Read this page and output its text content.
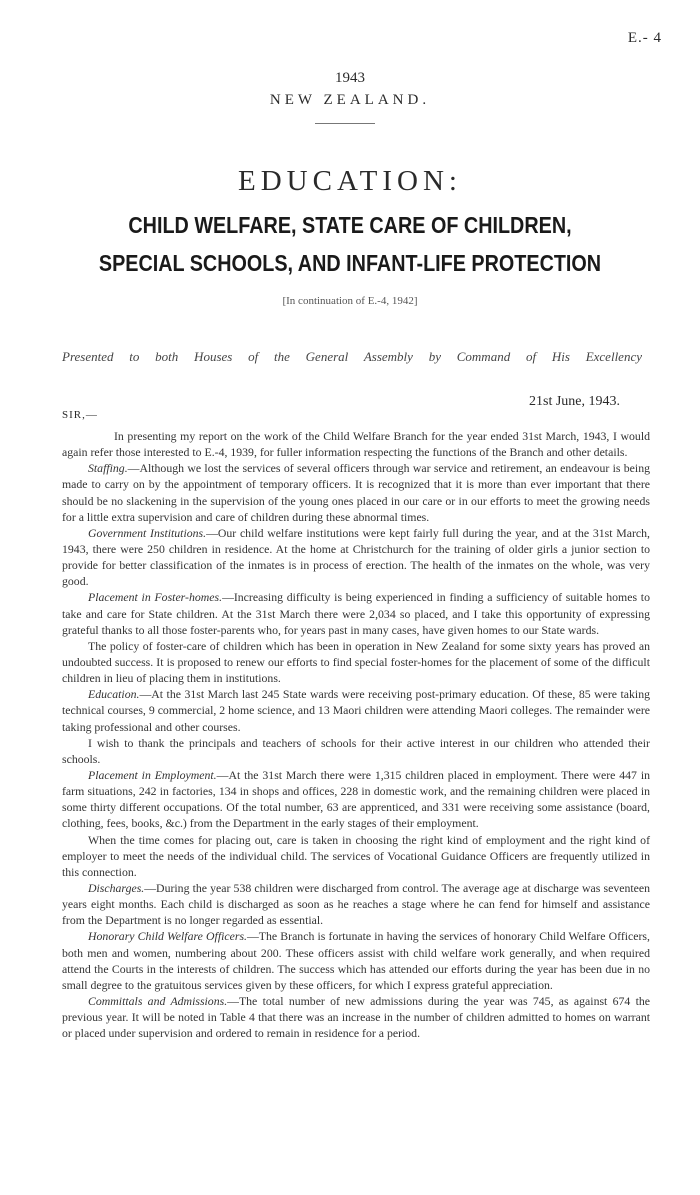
E.- 4
1943
NEW ZEALAND.
EDUCATION:
CHILD WELFARE, STATE CARE OF CHILDREN, SPECIAL SCHOOLS, AND INFANT-LIFE PROTECTION
[In continuation of E.-4, 1942]
Presented to both Houses of the General Assembly by Command of His Excellency
21st June, 1943.
SIR,—

In presenting my report on the work of the Child Welfare Branch for the year ended 31st March, 1943, I would again refer those interested to E.-4, 1939, for fuller information respecting the functions of the Branch and other details.

Staffing.—Although we lost the services of several officers through war service and retirement, an endeavour is being made to carry on by the appointment of temporary officers. It is recognized that it is more than ever important that there should be no slackening in the supervision of the young ones placed in our care or in our efforts to meet the growing needs for a little extra supervision and care of children during these abnormal times.

Government Institutions.—Our child welfare institutions were kept fairly full during the year, and at the 31st March, 1943, there were 250 children in residence. At the home at Christchurch for the training of older girls a junior section to provide for better classification of the inmates is in process of erection. The health of the inmates on the whole, was very good.

Placement in Foster-homes.—Increasing difficulty is being experienced in finding a sufficiency of suitable homes to take and care for State children. At the 31st March there were 2,034 so placed, and I take this opportunity of expressing grateful thanks to all those foster-parents who, for years past in many cases, have given homes to our State wards.

The policy of foster-care of children which has been in operation in New Zealand for some sixty years has proved an undoubted success. It is proposed to renew our efforts to find special foster-homes for the placement of some of the difficult children in lieu of placing them in institutions.

Education.—At the 31st March last 245 State wards were receiving post-primary education. Of these, 85 were taking technical courses, 9 commercial, 2 home science, and 13 Maori children were attending Maori colleges. The remainder were taking professional and other courses.

I wish to thank the principals and teachers of schools for their active interest in our children who attended their schools.

Placement in Employment.—At the 31st March there were 1,315 children placed in employment. There were 447 in farm situations, 242 in factories, 134 in shops and offices, 228 in domestic work, and the remaining children were placed in some thirty different occupations. Of the total number, 63 are apprenticed, and 331 were receiving some assistance (board, clothing, fees, books, &c.) from the Department in the early stages of their employment.

When the time comes for placing out, care is taken in choosing the right kind of employment and the right kind of employer to meet the needs of the individual child. The services of Vocational Guidance Officers are frequently utilized in this connection.

Discharges.—During the year 538 children were discharged from control. The average age at discharge was seventeen years eight months. Each child is discharged as soon as he reaches a stage where he can fend for himself and assistance from the Department is no longer regarded as essential.

Honorary Child Welfare Officers.—The Branch is fortunate in having the services of honorary Child Welfare Officers, both men and women, numbering about 200. These officers assist with child welfare work generally, and when required attend the Courts in the interests of children. The success which has attended our efforts during the year has been due in no small degree to the gratuitous services given by these officers, for which I express grateful appreciation.

Committals and Admissions.—The total number of new admissions during the year was 745, as against 674 the previous year. It will be noted in Table 4 that there was an increase in the number of children admitted to homes on warrant or placed under supervision and ordered to remain in residence for a period.
